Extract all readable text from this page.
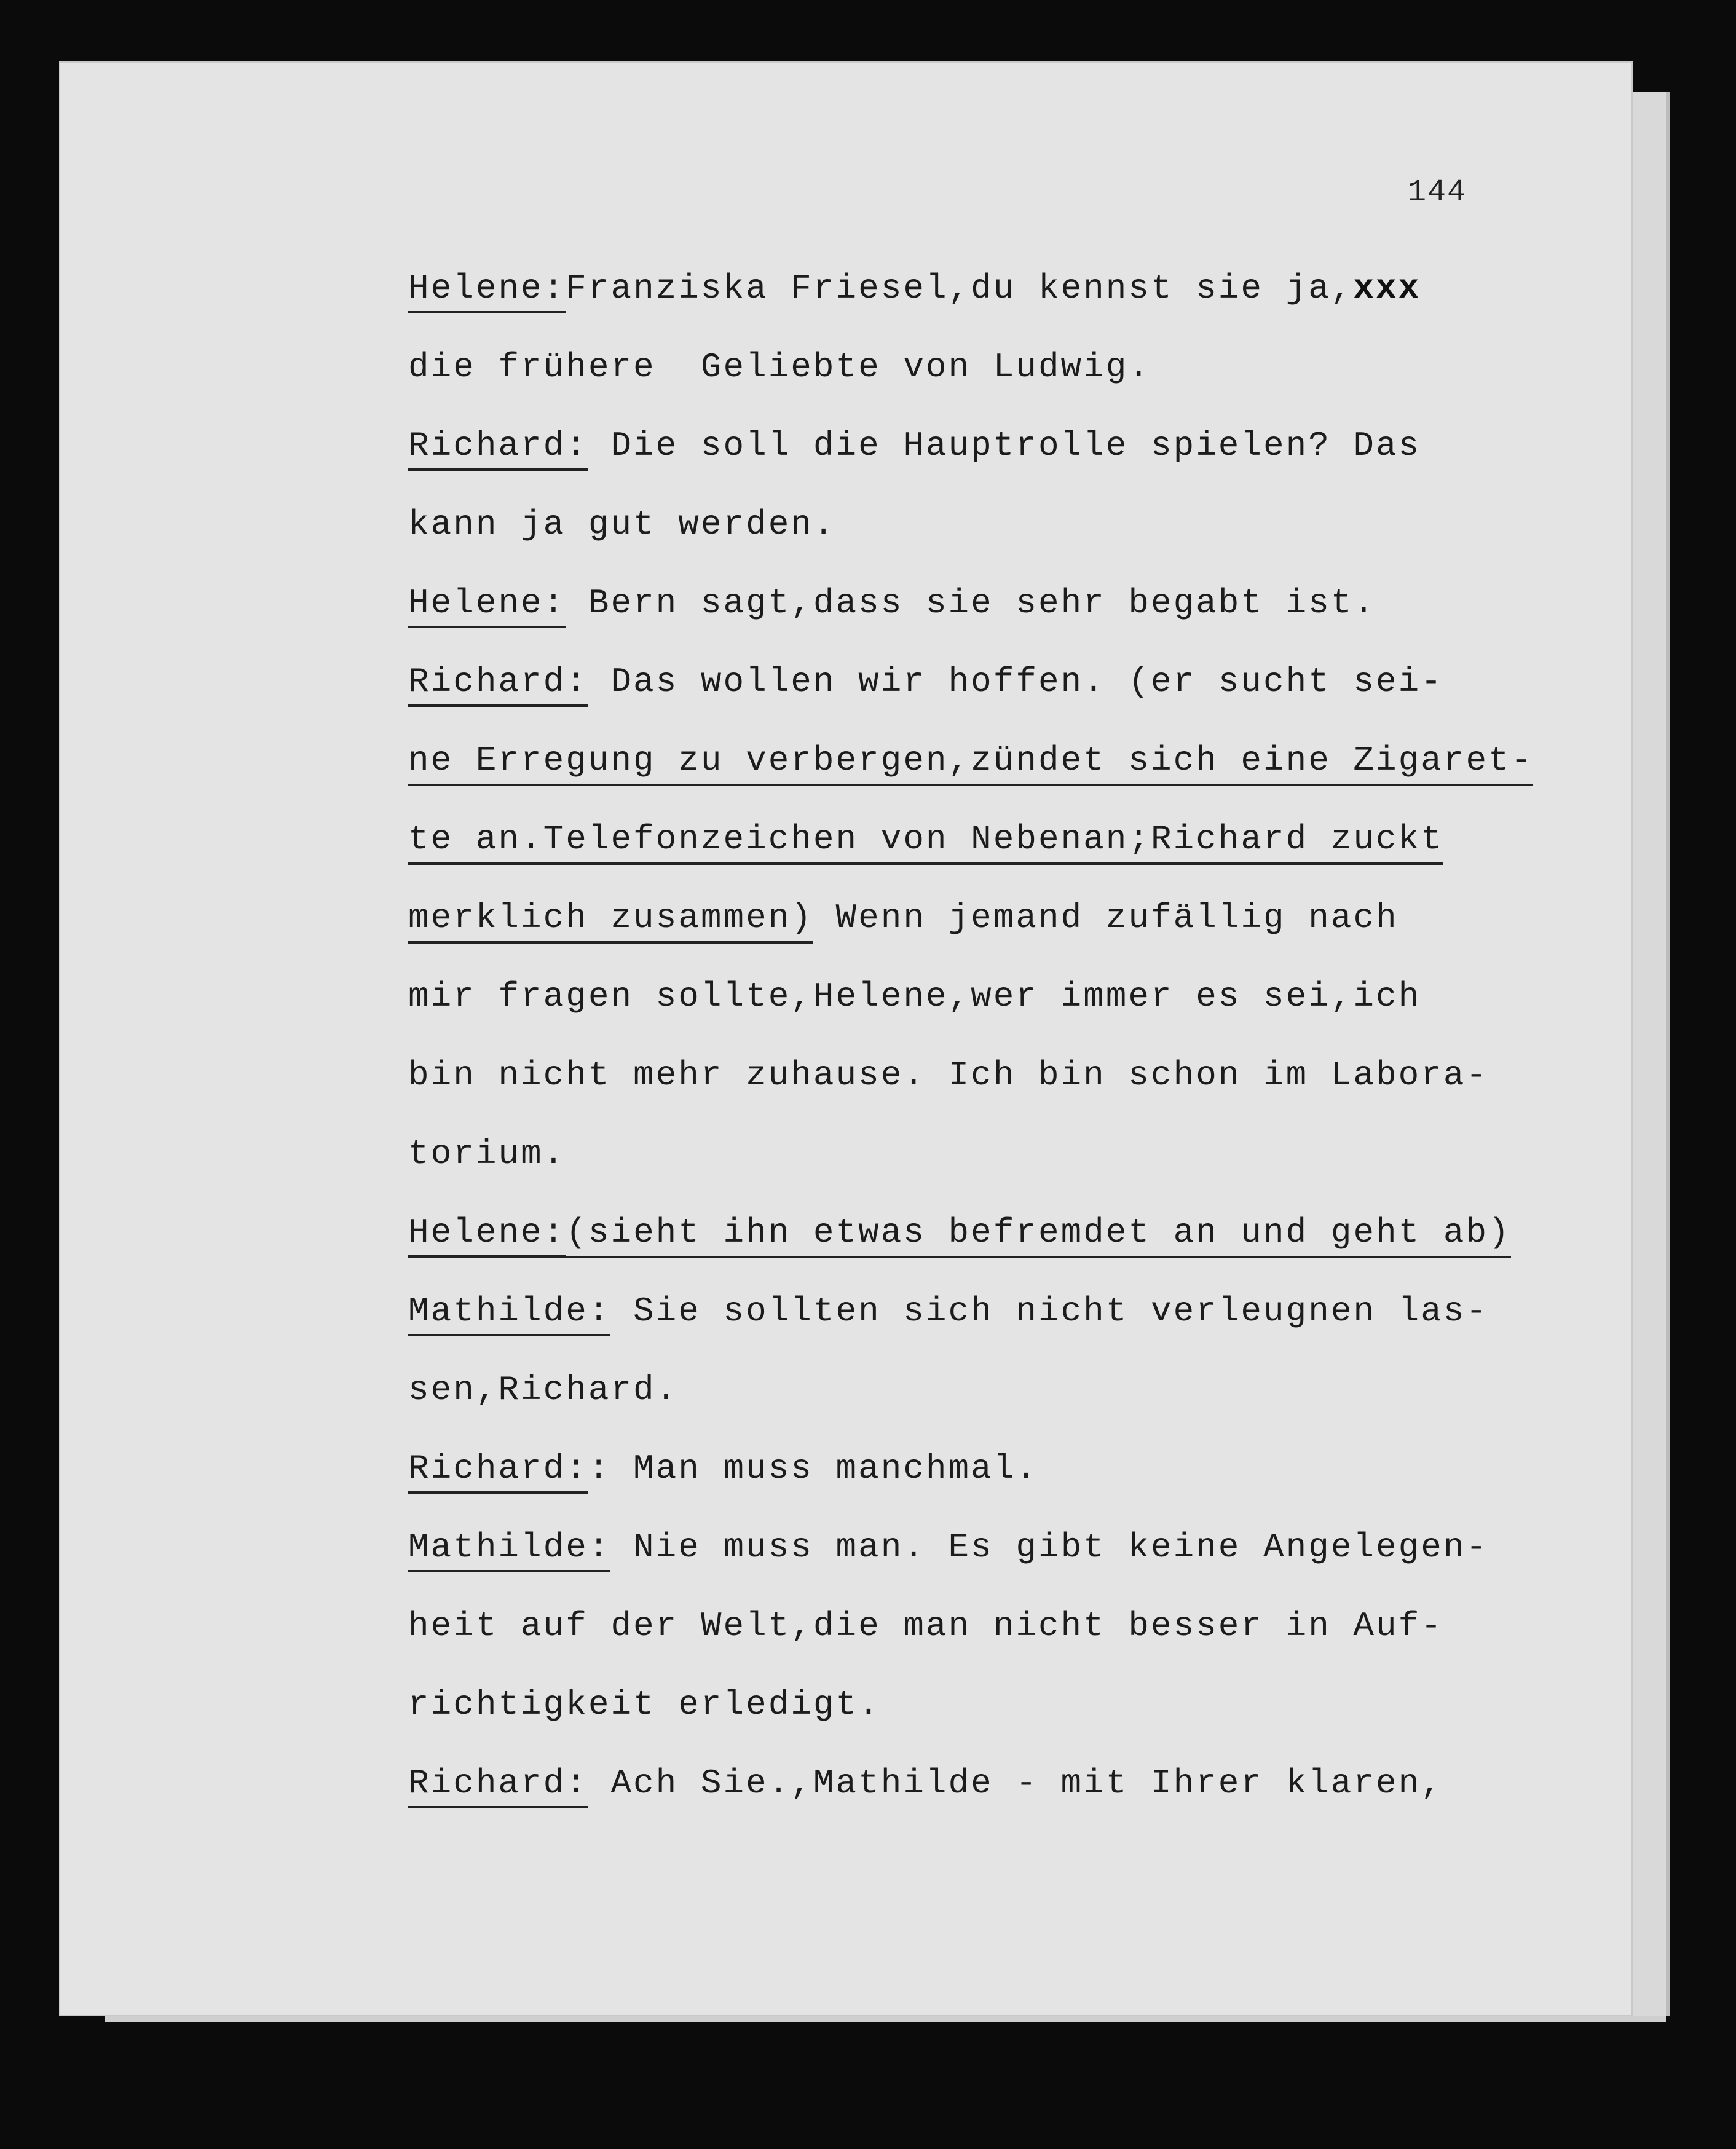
144
Helene:Franziska Friesel,du kennst sie ja,xxx
die frühere  Geliebte von Ludwig.
Richard: Die soll die Hauptrolle spielen? Das
kann ja gut werden.
Helene: Bern sagt,dass sie sehr begabt ist.
Richard: Das wollen wir hoffen. (er sucht sei-
ne Erregung zu verbergen,zündet sich eine Zigaret-
te an.Telefonzeichen von Nebenan;Richard zuckt
merklich zusammen) Wenn jemand zufällig nach
mir fragen sollte,Helene,wer immer es sei,ich
bin nicht mehr zuhause. Ich bin schon im Labora-
torium.
Helene:(sieht ihn etwas befremdet an und geht ab)
Mathilde: Sie sollten sich nicht verleugnen las-
sen,Richard.
Richard:: Man muss manchmal.
Mathilde: Nie muss man. Es gibt keine Angelegen-
heit auf der Welt,die man nicht besser in Auf-
richtigkeit erledigt.
Richard: Ach Sie.,Mathilde - mit Ihrer klaren,
